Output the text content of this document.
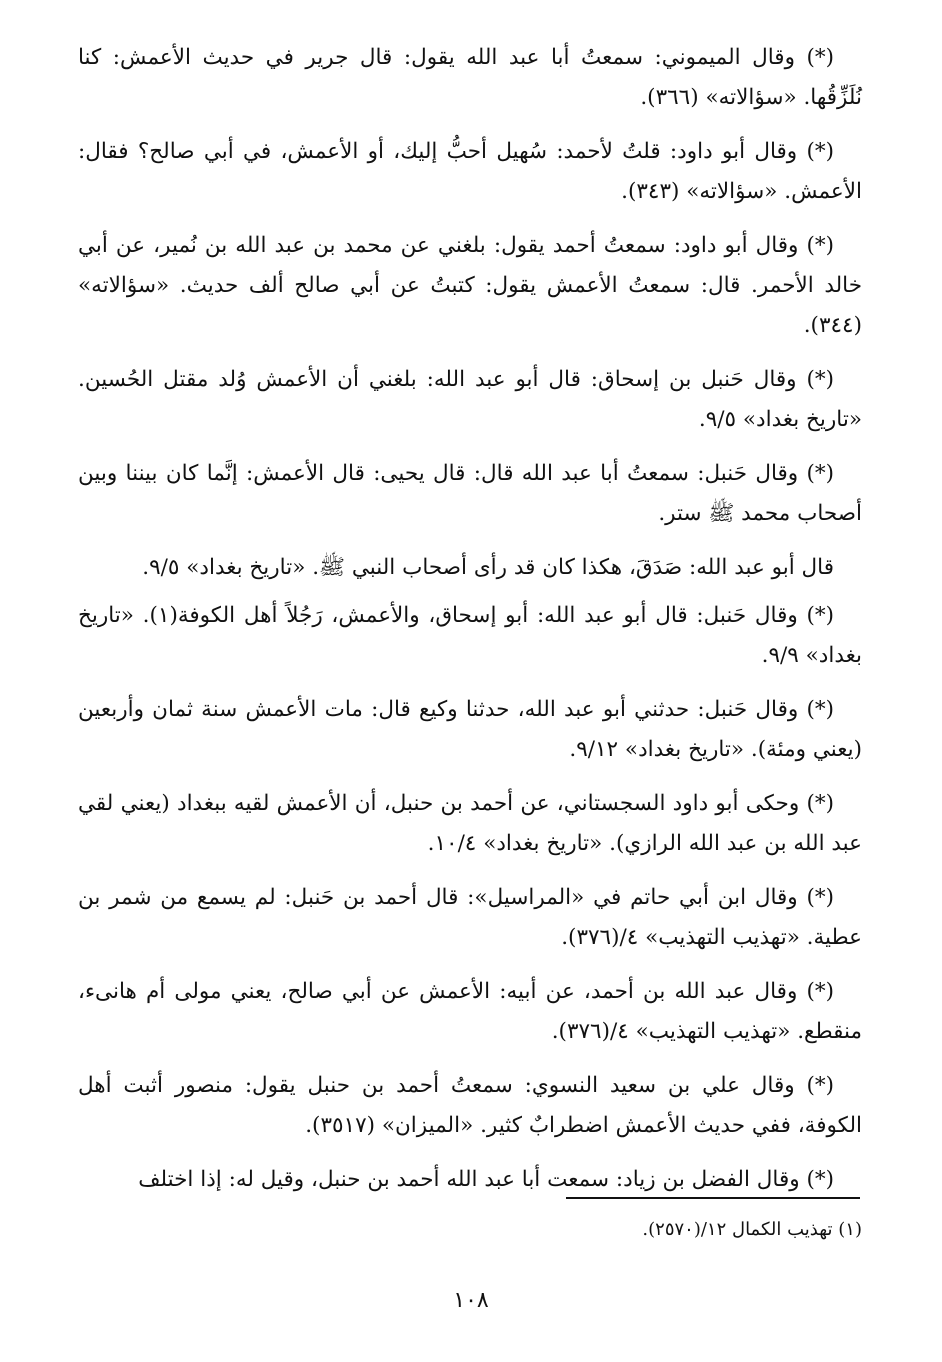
(*) وقال الميموني: سمعتُ أبا عبد الله يقول: قال جرير في حديث الأعمش: كنا نُلَزِّقُها. «سؤالاته» (٣٦٦).

(*) وقال أبو داود: قلتُ لأحمد: سُهيل أحبُّ إليك، أو الأعمش، في أبي صالح؟ فقال: الأعمش. «سؤالاته» (٣٤٣).

(*) وقال أبو داود: سمعتُ أحمد يقول: بلغني عن محمد بن عبد الله بن نُمير، عن أبي خالد الأحمر. قال: سمعتُ الأعمش يقول: كتبتُ عن أبي صالح ألف حديث. «سؤالاته» (٣٤٤).

(*) وقال حَنبل بن إسحاق: قال أبو عبد الله: بلغني أن الأعمش وُلد مقتل الحُسين. «تاريخ بغداد» ٩/٥.

(*) وقال حَنبل: سمعتُ أبا عبد الله قال: قال يحيى: قال الأعمش: إنَّما كان بيننا وبين أصحاب محمد ﷺ ستر.

قال أبو عبد الله: صَدَقَ، هكذا كان قد رأى أصحاب النبي ﷺ. «تاريخ بغداد» ٩/٥.

(*) وقال حَنبل: قال أبو عبد الله: أبو إسحاق، والأعمش، رَجُلاً أهل الكوفة(١). «تاريخ بغداد» ٩/٩.

(*) وقال حَنبل: حدثني أبو عبد الله، حدثنا وكيع قال: مات الأعمش سنة ثمان وأربعين (يعني ومئة). «تاريخ بغداد» ٩/١٢.

(*) وحكى أبو داود السجستاني، عن أحمد بن حنبل، أن الأعمش لقيه ببغداد (يعني لقي عبد الله بن عبد الله الرازي). «تاريخ بغداد» ١٠/٤.

(*) وقال ابن أبي حاتم في «المراسيل»: قال أحمد بن حَنبل: لم يسمع من شمر بن عطية. «تهذيب التهذيب» ٤/(٣٧٦).

(*) وقال عبد الله بن أحمد، عن أبيه: الأعمش عن أبي صالح، يعني مولى أم هانىء، منقطع. «تهذيب التهذيب» ٤/(٣٧٦).

(*) وقال علي بن سعيد النسوي: سمعتُ أحمد بن حنبل يقول: منصور أثبت أهل الكوفة، ففي حديث الأعمش اضطرابٌ كثير. «الميزان» (٣٥١٧).

(*) وقال الفضل بن زياد: سمعت أبا عبد الله أحمد بن حنبل، وقيل له: إذا اختلف

(١) تهذيب الكمال ١٢/(٢٥٧٠).
١٠٨
